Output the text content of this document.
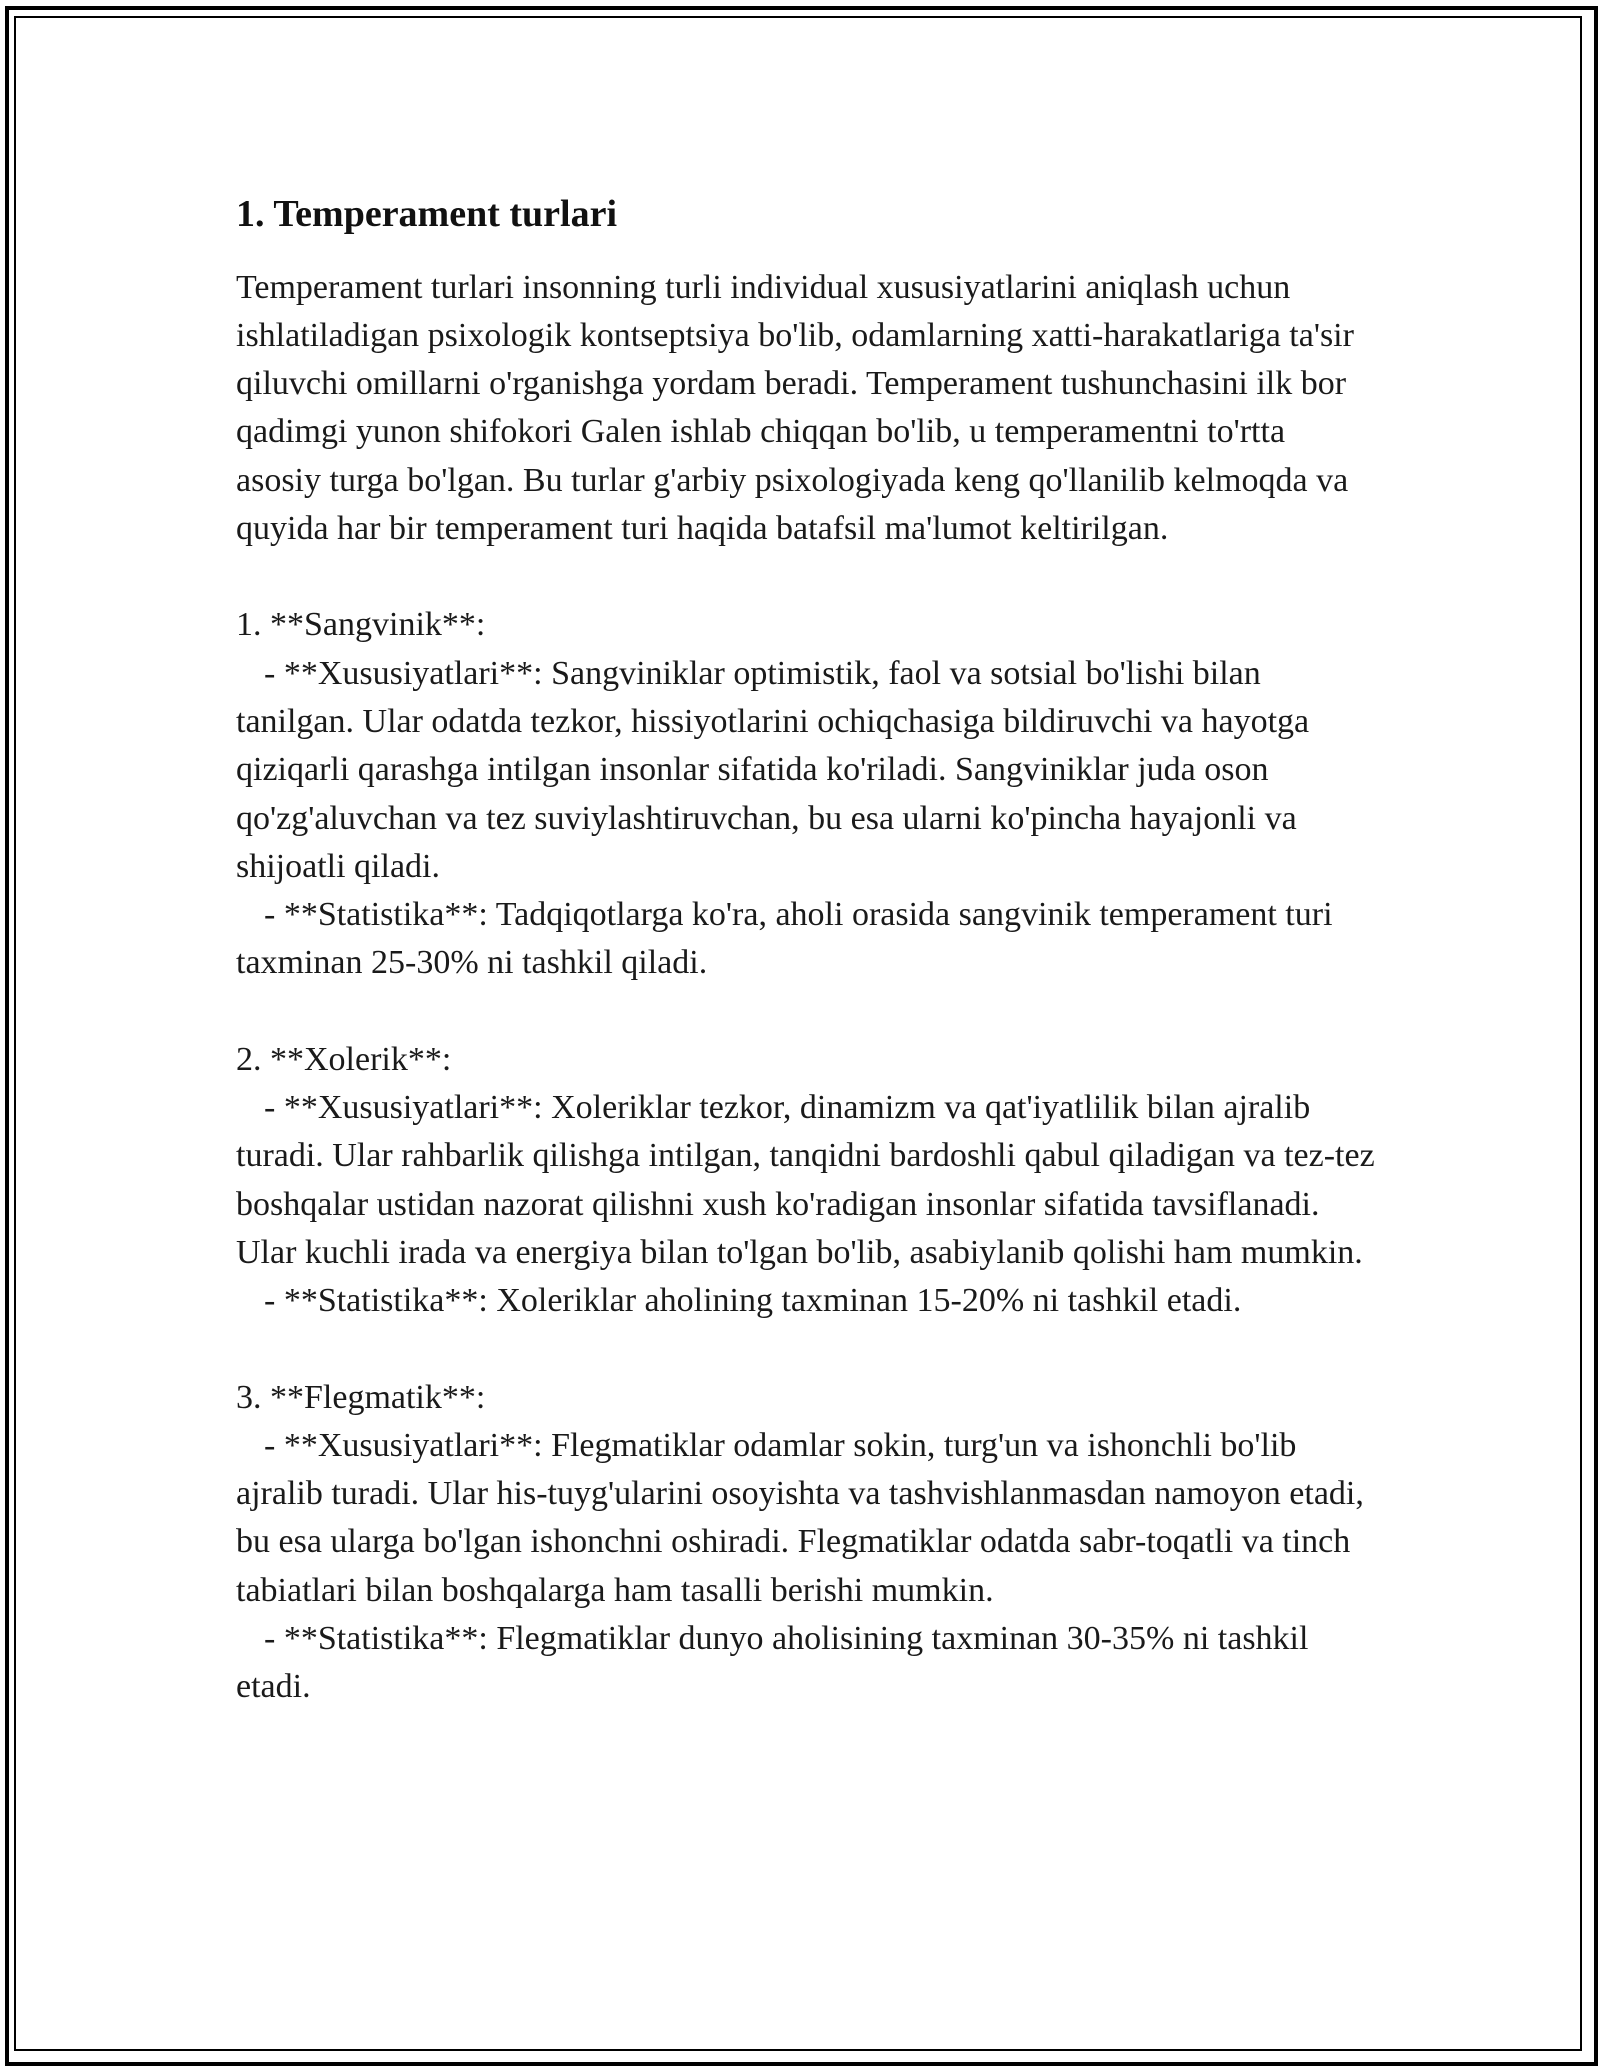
1. Temperament turlari

Temperament turlari insonning turli individual xususiyatlarini aniqlash uchun ishlatiladigan psixologik kontseptsiya bo'lib, odamlarning xatti-harakatlariga ta'sir qiluvchi omillarni o'rganishga yordam beradi. Temperament tushunchasini ilk bor qadimgi yunon shifokori Galen ishlab chiqqan bo'lib, u temperamentni to'rtta asosiy turga bo'lgan. Bu turlar g'arbiy psixologiyada keng qo'llanilib kelmoqda va quyida har bir temperament turi haqida batafsil ma'lumot keltirilgan.

1. **Sangvinik**:

- **Xususiyatlari**: Sangviniklar optimistik, faol va sotsial bo'lishi bilan tanilgan. Ular odatda tezkor, hissiyotlarini ochiqchasiga bildiruvchi va hayotga qiziqarli qarashga intilgan insonlar sifatida ko'riladi. Sangviniklar juda oson qo'zg'aluvchan va tez suviylashtiruvchan, bu esa ularni ko'pincha hayajonli va shijoatli qiladi.

- **Statistika**: Tadqiqotlarga ko'ra, aholi orasida sangvinik temperament turi taxminan 25-30% ni tashkil qiladi.

2. **Xolerik**:

- **Xususiyatlari**: Xoleriklar tezkor, dinamizm va qat'iyatlilik bilan ajralib turadi. Ular rahbarlik qilishga intilgan, tanqidni bardoshli qabul qiladigan va tez-tez boshqalar ustidan nazorat qilishni xush ko'radigan insonlar sifatida tavsiflanadi. Ular kuchli irada va energiya bilan to'lgan bo'lib, asabiylanib qolishi ham mumkin.

- **Statistika**: Xoleriklar aholining taxminan 15-20% ni tashkil etadi.

3. **Flegmatik**:

- **Xususiyatlari**: Flegmatiklar odamlar sokin, turg'un va ishonchli bo'lib ajralib turadi. Ular his-tuyg'ularini osoyishta va tashvishlanmasdan namoyon etadi, bu esa ularga bo'lgan ishonchni oshiradi. Flegmatiklar odatda sabr-toqatli va tinch tabiatlari bilan boshqalarga ham tasalli berishi mumkin.

- **Statistika**: Flegmatiklar dunyo aholisining taxminan 30-35% ni tashkil etadi.
